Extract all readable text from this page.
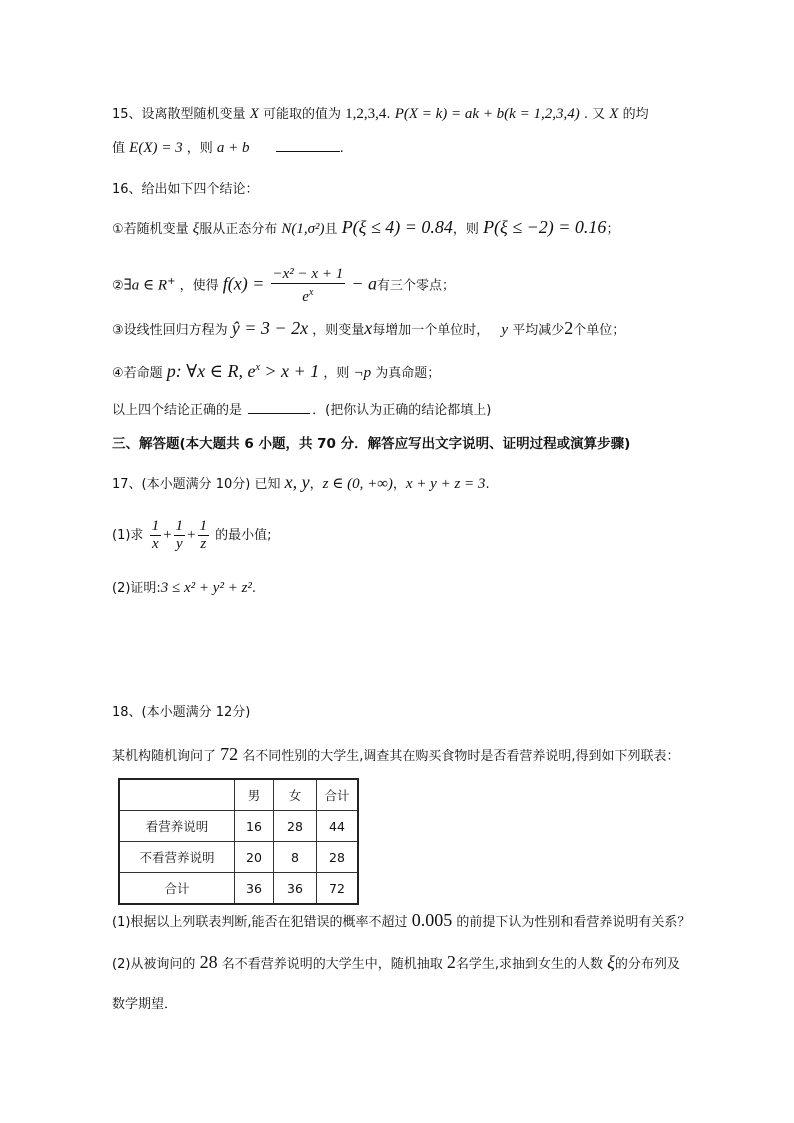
15、设离散型随机变量 X 可能取的值为 1,2,3,4. P(X = k) = ak + b(k = 1,2,3,4) . 又 X 的均
值 E(X) = 3 ，则 a + b	.
16、给出如下四个结论：
①若随机变量 ξ服从正态分布 N(1,σ²)且 P(ξ ≤ 4) = 0.84，则 P(ξ ≤ −2) = 0.16；
②∃a ∈ R+ ，使得 $f(x) = \frac{\text{−x² − x + 1}}{e^x} - a$有三个零点；
③设线性回归方程为 ŷ = 3 − 2x ，则变量x每增加一个单位时， y 平均减少2个单位；
④若命题 p: ∀x ∈ R, $e^x > x + 1$ ，则 ¬p 为真命题；
以上四个结论正确的是	．(把你认为正确的结论都填上)
三、解答题(本大题共 6 小题，共 70 分．解答应写出文字说明、证明过程或演算步骤)
17、(本小题满分 10分) 已知 x, y，z ∈ (0, +∞)，x + y + z = 3.
(1)求 $\frac{1}{x} + \frac{1}{y} + \frac{1}{z}$ 的最小值;
(2)证明:3 ≤ x² + y² + z².
18、(本小题满分 12分)
某机构随机询问了 72 名不同性别的大学生,调查其在购买食物时是否看营养说明,得到如下列联表：
	男	女	合计
看营养说明	16	28	44
不看营养说明	20	8	28
合计	36	36	72
(1)根据以上列联表判断,能否在犯错误的概率不超过 0.005 的前提下认为性别和看营养说明有关系？
(2)从被询问的 28 名不看营养说明的大学生中，随机抽取 2名学生,求抽到女生的人数 ξ的分布列及
数学期望．
